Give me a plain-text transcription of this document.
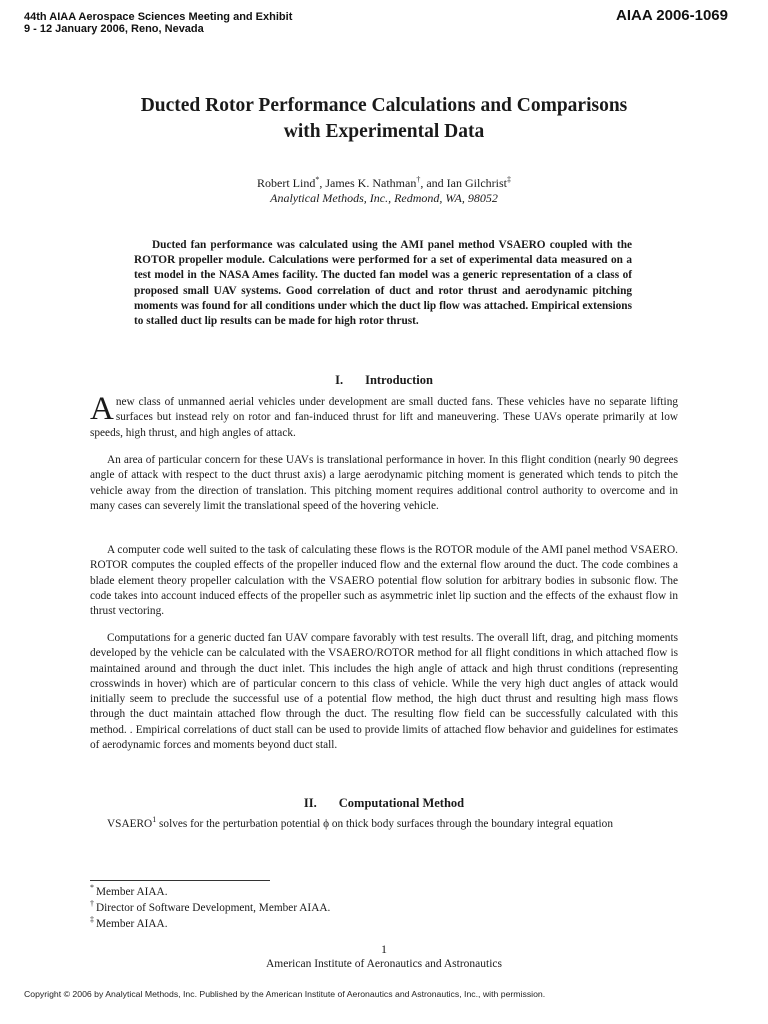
44th AIAA Aerospace Sciences Meeting and Exhibit
9 - 12 January 2006, Reno, Nevada
AIAA 2006-1069
Ducted Rotor Performance Calculations and Comparisons
with Experimental Data
Robert Lind*, James K. Nathman†, and Ian Gilchrist‡
Analytical Methods, Inc., Redmond, WA, 98052
Ducted fan performance was calculated using the AMI panel method VSAERO coupled with the ROTOR propeller module. Calculations were performed for a set of experimental data measured on a test model in the NASA Ames facility. The ducted fan model was a generic representation of a class of proposed small UAV systems. Good correlation of duct and rotor thrust and aerodynamic pitching moments was found for all conditions under which the duct lip flow was attached. Empirical extensions to stalled duct lip results can be made for high rotor thrust.
I. Introduction

Anew class of unmanned aerial vehicles under development are small ducted fans. These vehicles have no separate lifting surfaces but instead rely on rotor and fan-induced thrust for lift and maneuvering. These UAVs operate primarily at low speeds, high thrust, and high angles of attack.

An area of particular concern for these UAVs is translational performance in hover. In this flight condition (nearly 90 degrees angle of attack with respect to the duct thrust axis) a large aerodynamic pitching moment is generated which tends to pitch the vehicle away from the direction of translation. This pitching moment requires additional control authority to overcome and in many cases can severely limit the translational speed of the hovering vehicle.

A computer code well suited to the task of calculating these flows is the ROTOR module of the AMI panel method VSAERO. ROTOR computes the coupled effects of the propeller induced flow and the external flow around the duct. The code combines a blade element theory propeller calculation with the VSAERO potential flow solution for arbitrary bodies in subsonic flow. The code takes into account induced effects of the propeller such as asymmetric inlet lip suction and the effects of the exhaust flow in thrust vectoring.

Computations for a generic ducted fan UAV compare favorably with test results. The overall lift, drag, and pitching moments developed by the vehicle can be calculated with the VSAERO/ROTOR method for all flight conditions in which attached flow is maintained around and through the duct inlet. This includes the high angle of attack and high thrust conditions (representing crosswinds in hover) which are of particular concern to this class of vehicle. While the very high duct angles of attack would initially seem to preclude the successful use of a potential flow method, the high duct thrust and resulting high mass flows through the duct maintain attached flow through the duct. The resulting flow field can be successfully calculated with this method. . Empirical correlations of duct stall can be used to provide limits of attached flow behavior and guidelines for estimates of aerodynamic forces and moments beyond duct stall.

II. Computational Method

VSAERO$^1$ solves for the perturbation potential ϕ on thick body surfaces through the boundary integral equation

* Member AIAA.
† Director of Software Development, Member AIAA.
‡ Member AIAA.
1
American Institute of Aeronautics and Astronautics
Copyright © 2006 by Analytical Methods, Inc. Published by the American Institute of Aeronautics and Astronautics, Inc., with permission.
